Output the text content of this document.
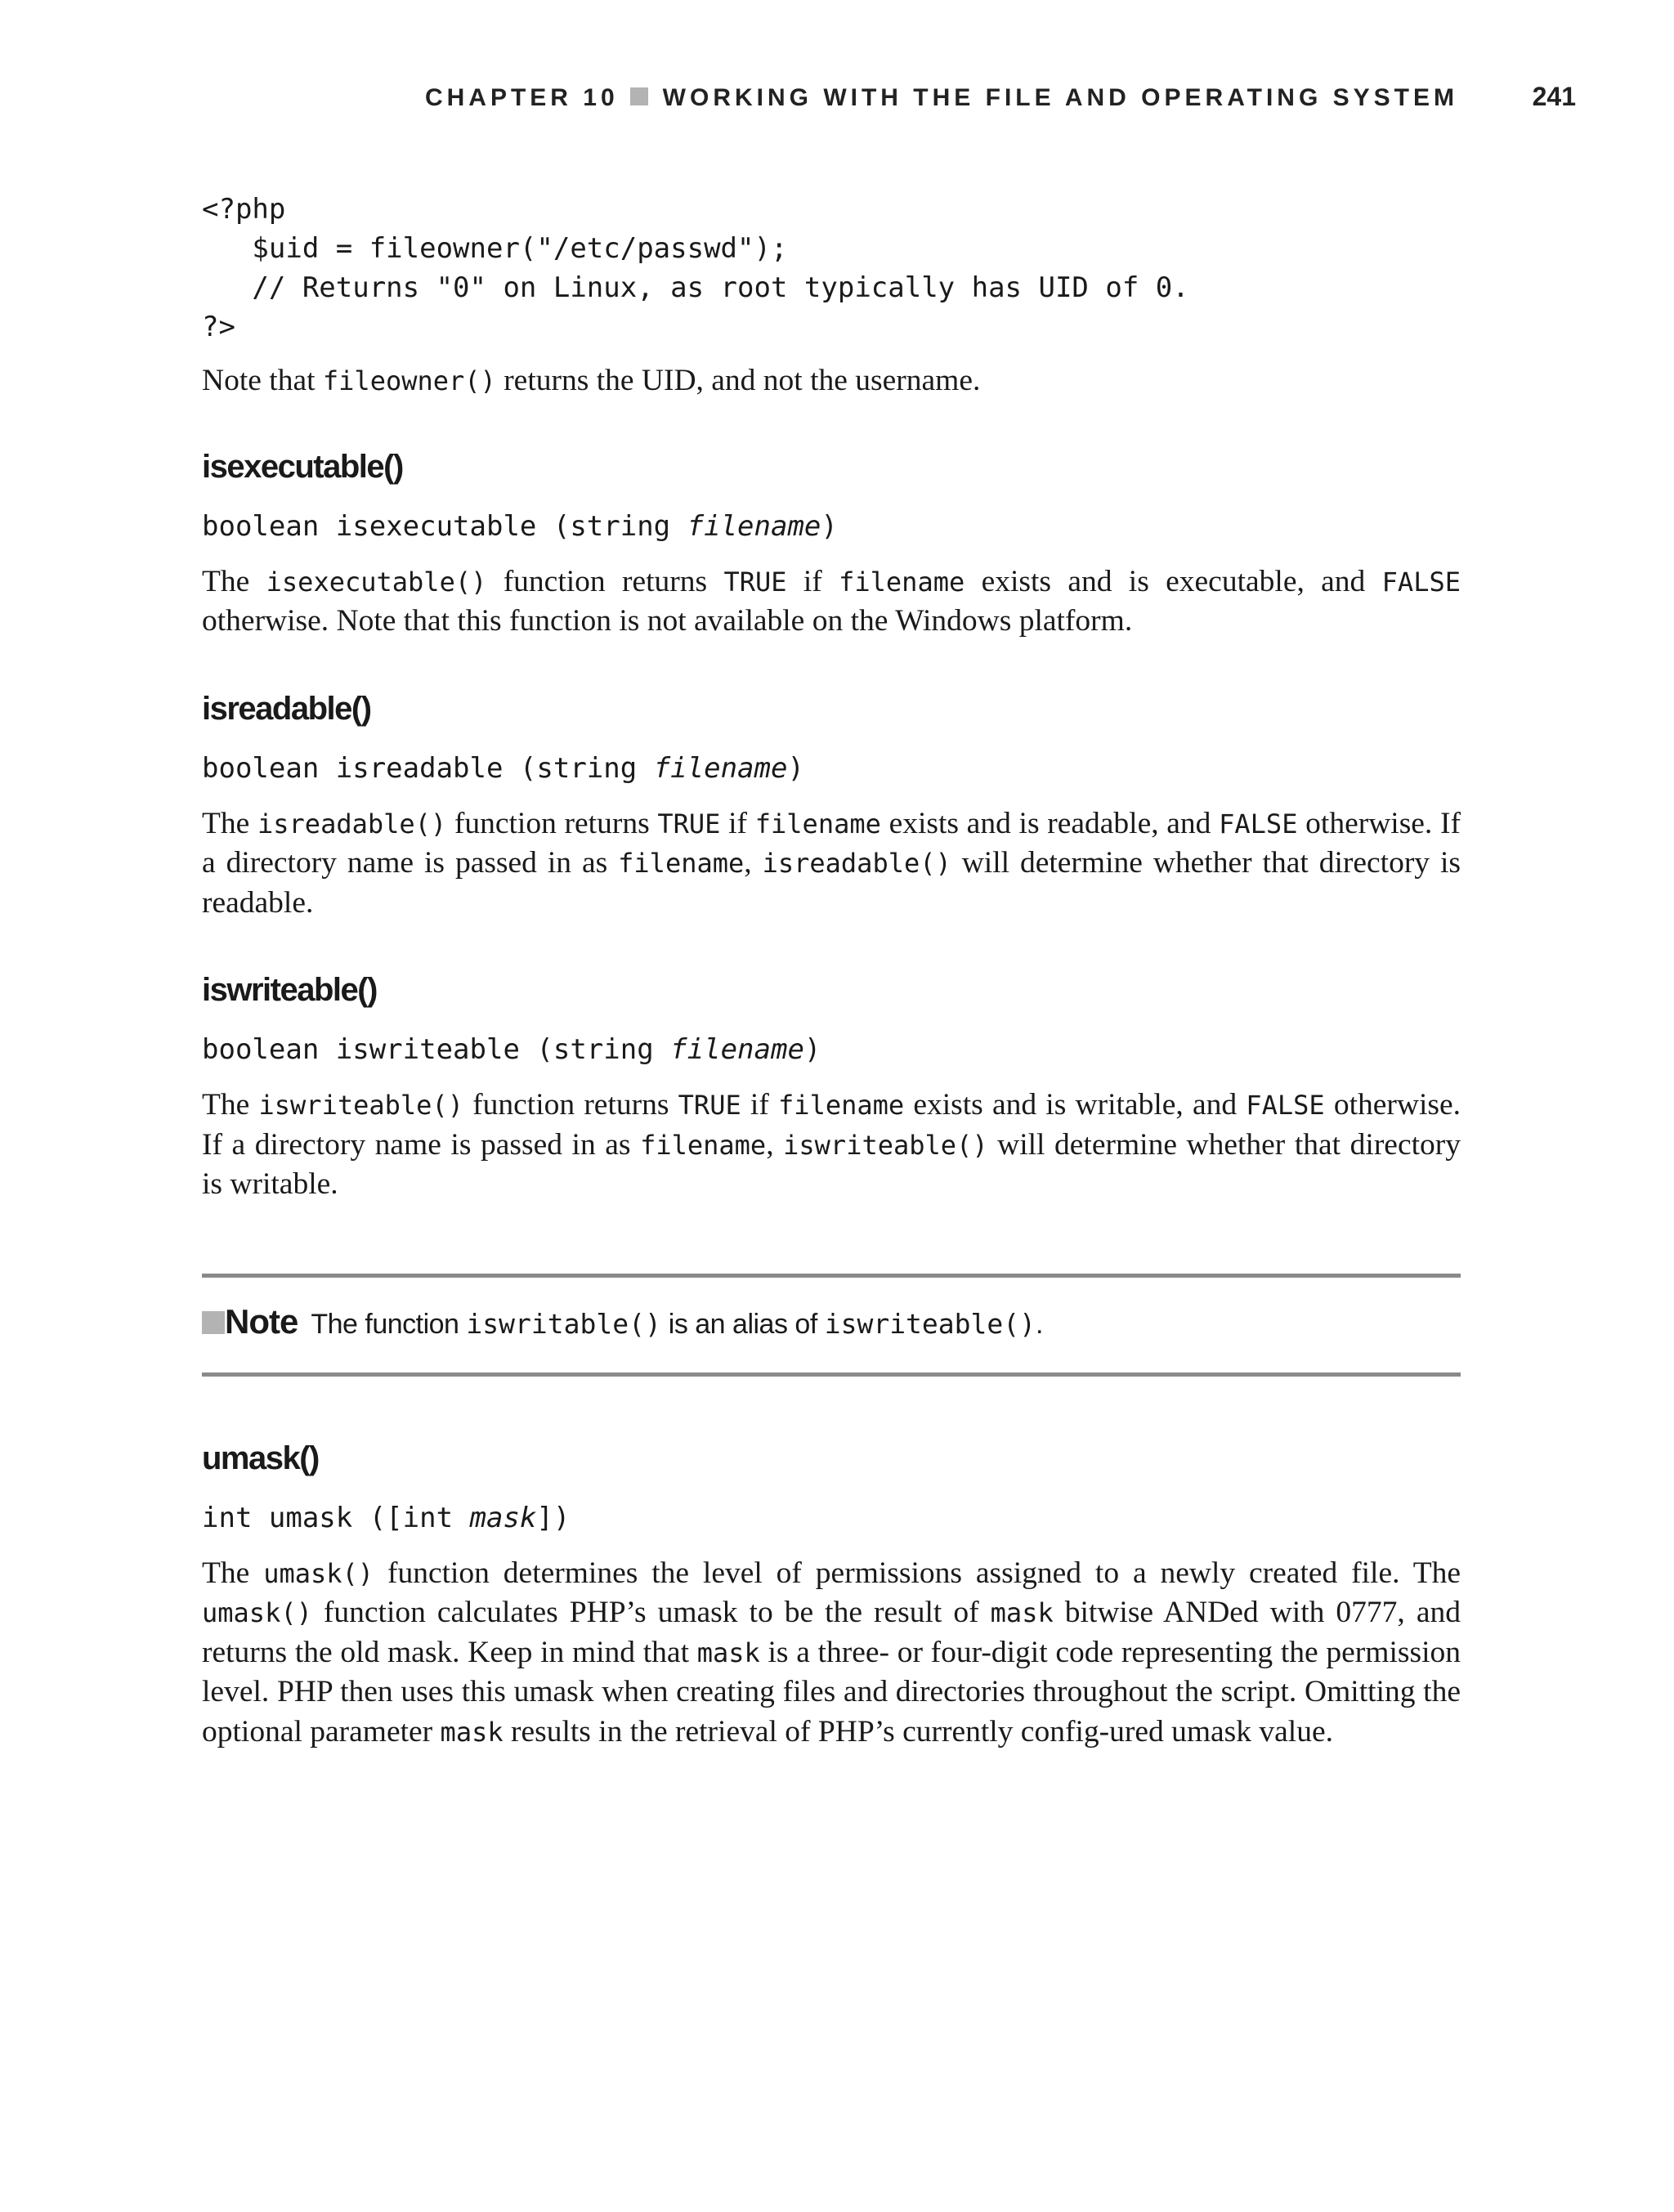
CHAPTER 10 WORKING WITH THE FILE AND OPERATING SYSTEM	241
<?php
$uid = fileowner("/etc/passwd");
// Returns "0" on Linux, as root typically has UID of 0.
?>

Note that fileowner() returns the UID, and not the username.

isexecutable()
boolean isexecutable (string filename)

The isexecutable() function returns TRUE if filename exists and is executable, and FALSE otherwise. Note that this function is not available on the Windows platform.

isreadable()
boolean isreadable (string filename)

The isreadable() function returns TRUE if filename exists and is readable, and FALSE otherwise. If a directory name is passed in as filename, isreadable() will determine whether that directory is readable.

iswriteable()
boolean iswriteable (string filename)

The iswriteable() function returns TRUE if filename exists and is writable, and FALSE otherwise. If a directory name is passed in as filename, iswriteable() will determine whether that directory is writable.

Note The function iswritable() is an alias of iswriteable().
umask()
int umask ([int mask])

The umask() function determines the level of permissions assigned to a newly created file. The umask() function calculates PHP’s umask to be the result of mask bitwise ANDed with 0777, and returns the old mask. Keep in mind that mask is a three- or four-digit code representing the permission level. PHP then uses this umask when creating files and directories throughout the script. Omitting the optional parameter mask results in the retrieval of PHP’s currently config-ured umask value.
